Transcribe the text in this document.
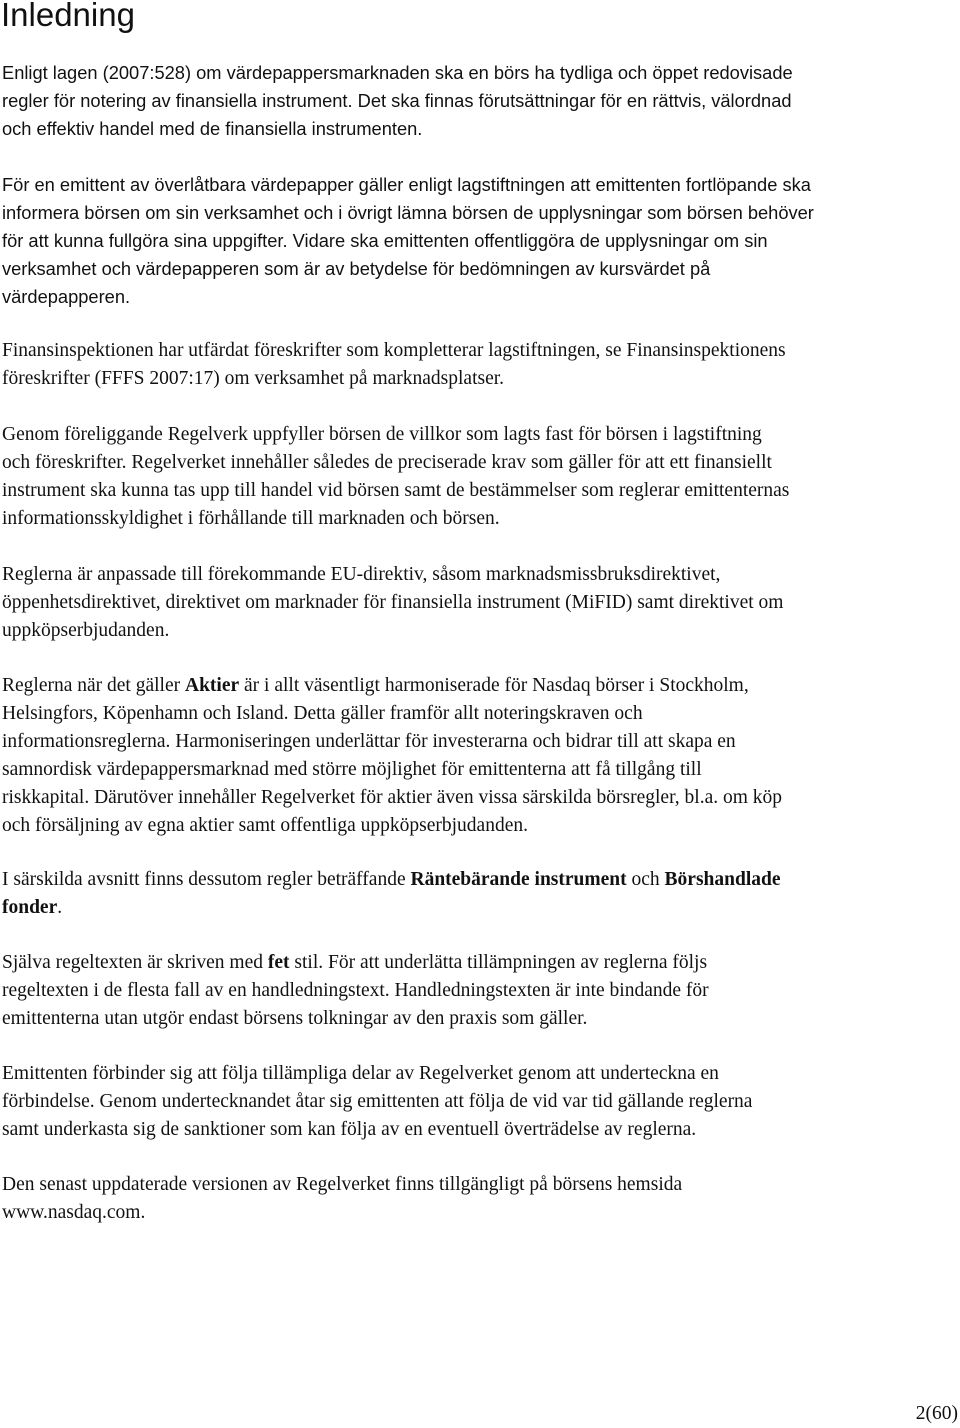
Inledning

Enligt lagen (2007:528) om värdepappersmarknaden ska en börs ha tydliga och öppet redovisade
regler för notering av finansiella instrument. Det ska finnas förutsättningar för en rättvis, välordnad
och effektiv handel med de finansiella instrumenten.

För en emittent av överlåtbara värdepapper gäller enligt lagstiftningen att emittenten fortlöpande ska
informera börsen om sin verksamhet och i övrigt lämna börsen de upplysningar som börsen behöver
för att kunna fullgöra sina uppgifter. Vidare ska emittenten offentliggöra de upplysningar om sin
verksamhet och värdepapperen som är av betydelse för bedömningen av kursvärdet på
värdepapperen.

Finansinspektionen har utfärdat föreskrifter som kompletterar lagstiftningen, se Finansinspektionens
föreskrifter (FFFS 2007:17) om verksamhet på marknadsplatser.

Genom föreliggande Regelverk uppfyller börsen de villkor som lagts fast för börsen i lagstiftning
och föreskrifter. Regelverket innehåller således de preciserade krav som gäller för att ett finansiellt
instrument ska kunna tas upp till handel vid börsen samt de bestämmelser som reglerar emittenternas
informationsskyldighet i förhållande till marknaden och börsen.

Reglerna är anpassade till förekommande EU-direktiv, såsom marknadsmissbruksdirektivet,
öppenhetsdirektivet, direktivet om marknader för finansiella instrument (MiFID) samt direktivet om
uppköpserbjudanden.

Reglerna när det gäller Aktier är i allt väsentligt harmoniserade för Nasdaq börser i Stockholm,
Helsingfors, Köpenhamn och Island. Detta gäller framför allt noteringskraven och
informationsreglerna. Harmoniseringen underlättar för investerarna och bidrar till att skapa en
samnordisk värdepappersmarknad med större möjlighet för emittenterna att få tillgång till
riskkapital. Därutöver innehåller Regelverket för aktier även vissa särskilda börsregler, bl.a. om köp
och försäljning av egna aktier samt offentliga uppköpserbjudanden.

I särskilda avsnitt finns dessutom regler beträffande Räntebärande instrument och Börshandlade
fonder.

Själva regeltexten är skriven med fet stil. För att underlätta tillämpningen av reglerna följs
regeltexten i de flesta fall av en handledningstext. Handledningstexten är inte bindande för
emittenterna utan utgör endast börsens tolkningar av den praxis som gäller.

Emittenten förbinder sig att följa tillämpliga delar av Regelverket genom att underteckna en
förbindelse. Genom undertecknandet åtar sig emittenten att följa de vid var tid gällande reglerna
samt underkasta sig de sanktioner som kan följa av en eventuell överträdelse av reglerna.

Den senast uppdaterade versionen av Regelverket finns tillgängligt på börsens hemsida
www.nasdaq.com.

2(60)
